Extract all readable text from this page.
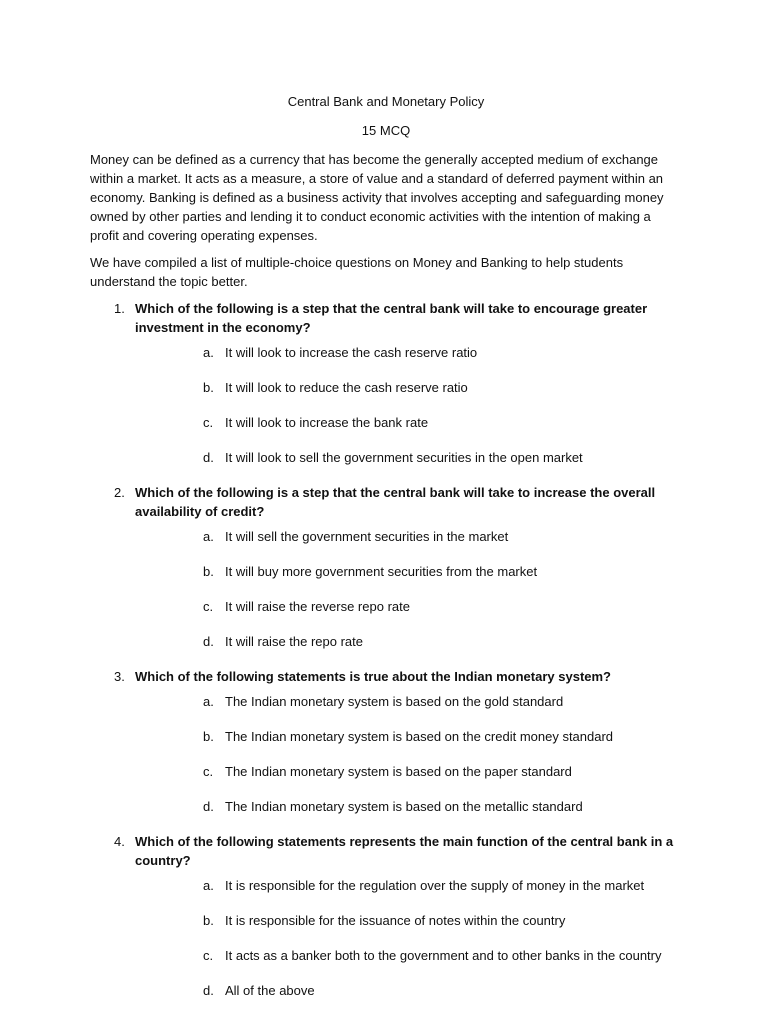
Central Bank and Monetary Policy
15 MCQ

Money can be defined as a currency that has become the generally accepted medium of exchange within a market. It acts as a measure, a store of value and a standard of deferred payment within an economy. Banking is defined as a business activity that involves accepting and safeguarding money owned by other parties and lending it to conduct economic activities with the intention of making a profit and covering operating expenses.

We have compiled a list of multiple-choice questions on Money and Banking to help students understand the topic better.

1. Which of the following is a step that the central bank will take to encourage greater investment in the economy?

a. It will look to increase the cash reserve ratio
b. It will look to reduce the cash reserve ratio
c. It will look to increase the bank rate
d. It will look to sell the government securities in the open market
2. Which of the following is a step that the central bank will take to increase the overall availability of credit?

a. It will sell the government securities in the market
b. It will buy more government securities from the market
c. It will raise the reverse repo rate
d. It will raise the repo rate
3. Which of the following statements is true about the Indian monetary system?

a. The Indian monetary system is based on the gold standard
b. The Indian monetary system is based on the credit money standard
c. The Indian monetary system is based on the paper standard
d. The Indian monetary system is based on the metallic standard
4. Which of the following statements represents the main function of the central bank in a country?

a. It is responsible for the regulation over the supply of money in the market
b. It is responsible for the issuance of notes within the country
c. It acts as a banker both to the government and to other banks in the country
d. All of the above
